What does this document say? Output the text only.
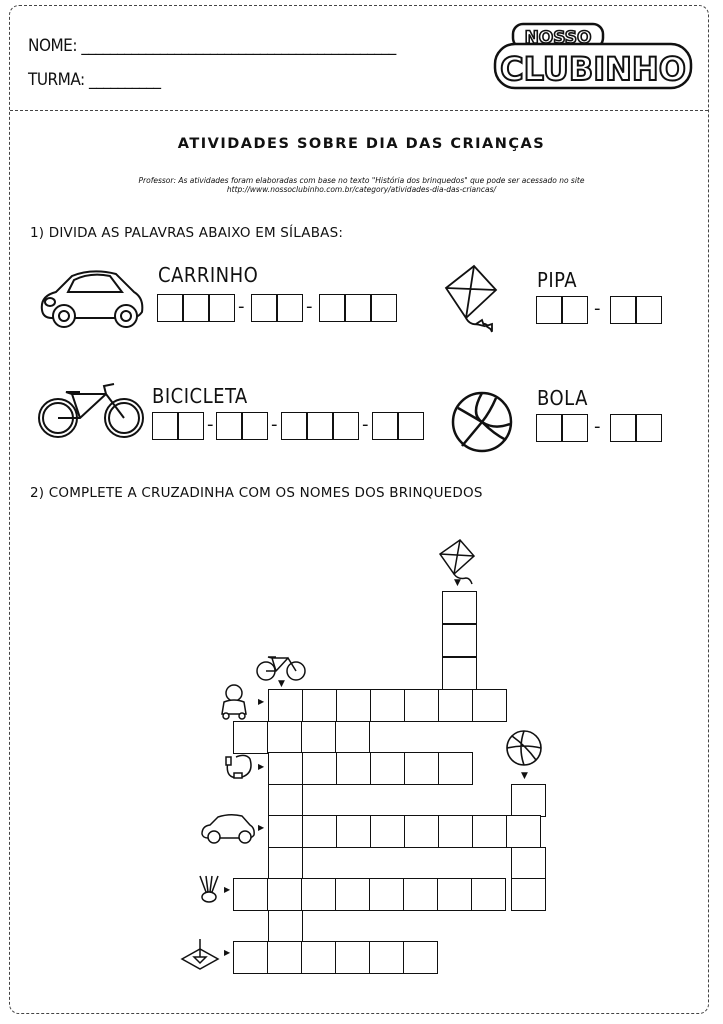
NOME: ____________________________________________
TURMA: __________
NOSSO
CLUBINHO
ATIVIDADES SOBRE DIA DAS CRIANÇAS
Professor: As atividades foram elaboradas com base no texto "História dos brinquedos" que pode ser acessado no site
http://www.nossoclubinho.com.br/category/atividades-dia-das-criancas/
1) DIVIDA AS PALAVRAS ABAIXO EM SÍLABAS:
CARRINHO
-	-
PIPA
-
BICICLETA
-	-	-
BOLA
-
2) COMPLETE A CRUZADINHA COM OS NOMES DOS BRINQUEDOS
▼
▼
▶
▶
▼
▶
▶
▶
